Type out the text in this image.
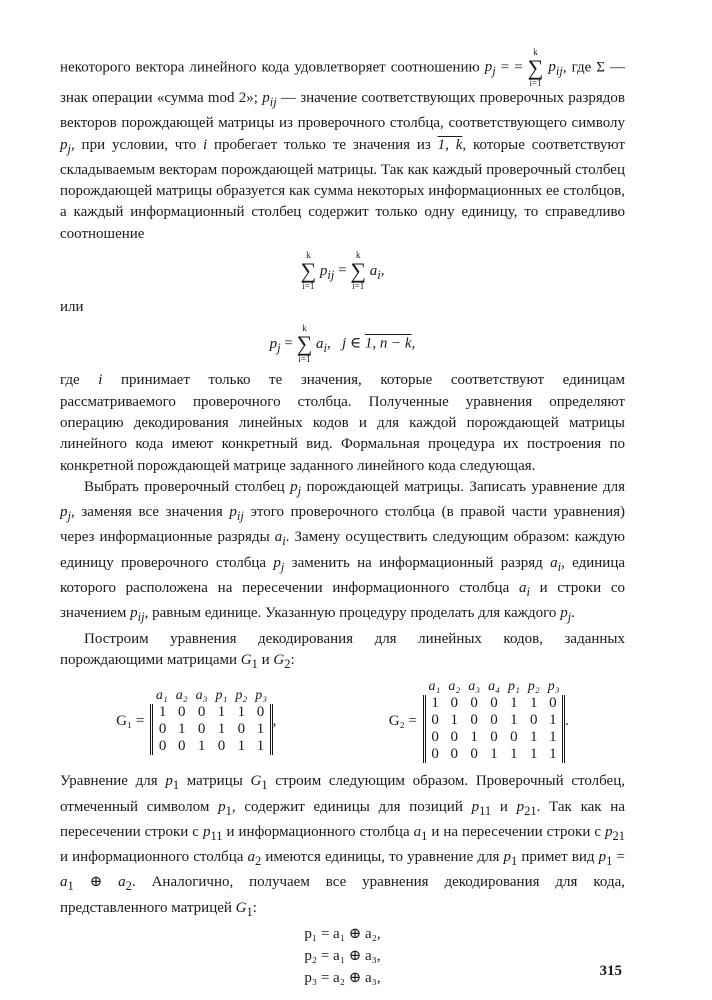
некоторого вектора линейного кода удовлетворяет соотношению $p_j$ = =
k
∑
i=1
$p_{ij}$, где Σ — знак операции «сумма mod 2»; $p_{ij}$ — значение соответствующих проверочных разрядов векторов порождающей матрицы из проверочного столбца, соответствующего символу $p_j$, при условии, что i пробегает только те значения из 1, k, которые соответствуют складываемым векторам порождающей матрицы. Так как каждый проверочный столбец порождающей матрицы образуется как сумма некоторых информационных ее столбцов, а каждый информационный столбец содержит только одну единицу, то справедливо соотношение

k
∑
i=1
$p_{ij}$ =
k
∑
i=1
$a_i$,

или

$p_j$ =
k
∑
i=1
$a_i$,   j ∈ 1, n − k,

где i принимает только те значения, которые соответствуют единицам рассматриваемого проверочного столбца. Полученные уравнения определяют операцию декодирования линейных кодов и для каждой порождающей матрицы линейного кода имеют конкретный вид. Формальная процедура их построения по конкретной порождающей матрице заданного линейного кода следующая.

Выбрать проверочный столбец $p_j$ порождающей матрицы. Записать уравнение для $p_j$, заменяя все значения $p_{ij}$ этого проверочного столбца (в правой части уравнения) через информационные разряды $a_i$. Замену осуществить следующим образом: каждую единицу проверочного столбца $p_j$ заменить на информационный разряд $a_i$, единица которого расположена на пересечении информационного столбца $a_i$ и строки со значением $p_{ij}$, равным единице. Указанную процедуру проделать для каждого $p_j$.

Построим уравнения декодирования для линейных кодов, заданных порождающими матрицами $G_1$ и $G_2$:

G₁ =
a₁	a₂	a₃	p₁	p₂	p₃
1	0	0	1	1	0
0	1	0	1	0	1
0	0	1	0	1	1
,	G₂ =
a₁	a₂	a₃	a₄	p₁	p₂	p₃
1	0	0	0	1	1	0
0	1	0	0	1	0	1
0	0	1	0	0	1	1
0	0	0	1	1	1	1
.

Уравнение для $p_1$ матрицы $G_1$ строим следующим образом. Проверочный столбец, отмеченный символом $p_1$, содержит единицы для позиций $p_{11}$ и $p_{21}$. Так как на пересечении строки с $p_{11}$ и информационного столбца $a_1$ и на пересечении строки с $p_{21}$ и информационного столбца $a_2$ имеются единицы, то уравнение для $p_1$ примет вид $p_1 = a_1$ ⊕ $a_2$. Аналогично, получаем все уравнения декодирования для кода, представленного матрицей $G_1$:

p₁ = a₁ ⊕ a₂,
p₂ = a₁ ⊕ a₃,
p₃ = a₂ ⊕ a₃,	315
